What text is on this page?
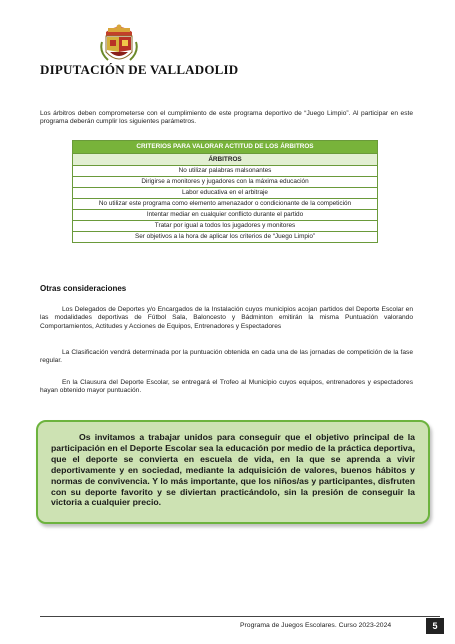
DIPUTACIÓN DE VALLADOLID
Los árbitros deben comprometerse con el cumplimiento de este programa deportivo de “Juego Limpio”. Al participar en este programa deberán cumplir los siguientes parámetros.
CRITERIOS PARA VALORAR ACTITUD DE LOS ÁRBITROS
ÁRBITROS
No utilizar palabras malsonantes
Dirigirse a monitores y jugadores con la máxima educación
Labor educativa en el arbitraje
No utilizar este programa como elemento amenazador o condicionante de la competición
Intentar mediar en cualquier conflicto durante el partido
Tratar por igual a todos los jugadores y monitores
Ser objetivos a la hora de aplicar los criterios de “Juego Limpio”
Otras consideraciones
Los Delegados de Deportes y/o Encargados de la Instalación cuyos municipios acojan partidos del Deporte Escolar en las modalidades deportivas de Fútbol Sala, Baloncesto y Bádminton emitirán la misma Puntuación valorando Comportamientos, Actitudes y Acciones de Equipos, Entrenadores y Espectadores
La Clasificación vendrá determinada por la puntuación obtenida en cada una de las jornadas de competición de la fase regular.
En la Clausura del Deporte Escolar, se entregará el Trofeo al Municipio cuyos equipos, entrenadores y espectadores hayan obtenido mayor puntuación.

Os invitamos a trabajar unidos para conseguir que el objetivo principal de la participación en el Deporte Escolar sea la educación por medio de la práctica deportiva, que el deporte se convierta en escuela de vida, en la que se aprenda a vivir deportivamente y en sociedad, mediante la adquisición de valores, buenos hábitos y normas de convivencia. Y lo más importante, que los niños/as y participantes, disfruten con su deporte favorito y se diviertan practicándolo, sin la presión de conseguir la victoria a cualquier precio.

Programa de Juegos Escolares. Curso 2023-2024	5
